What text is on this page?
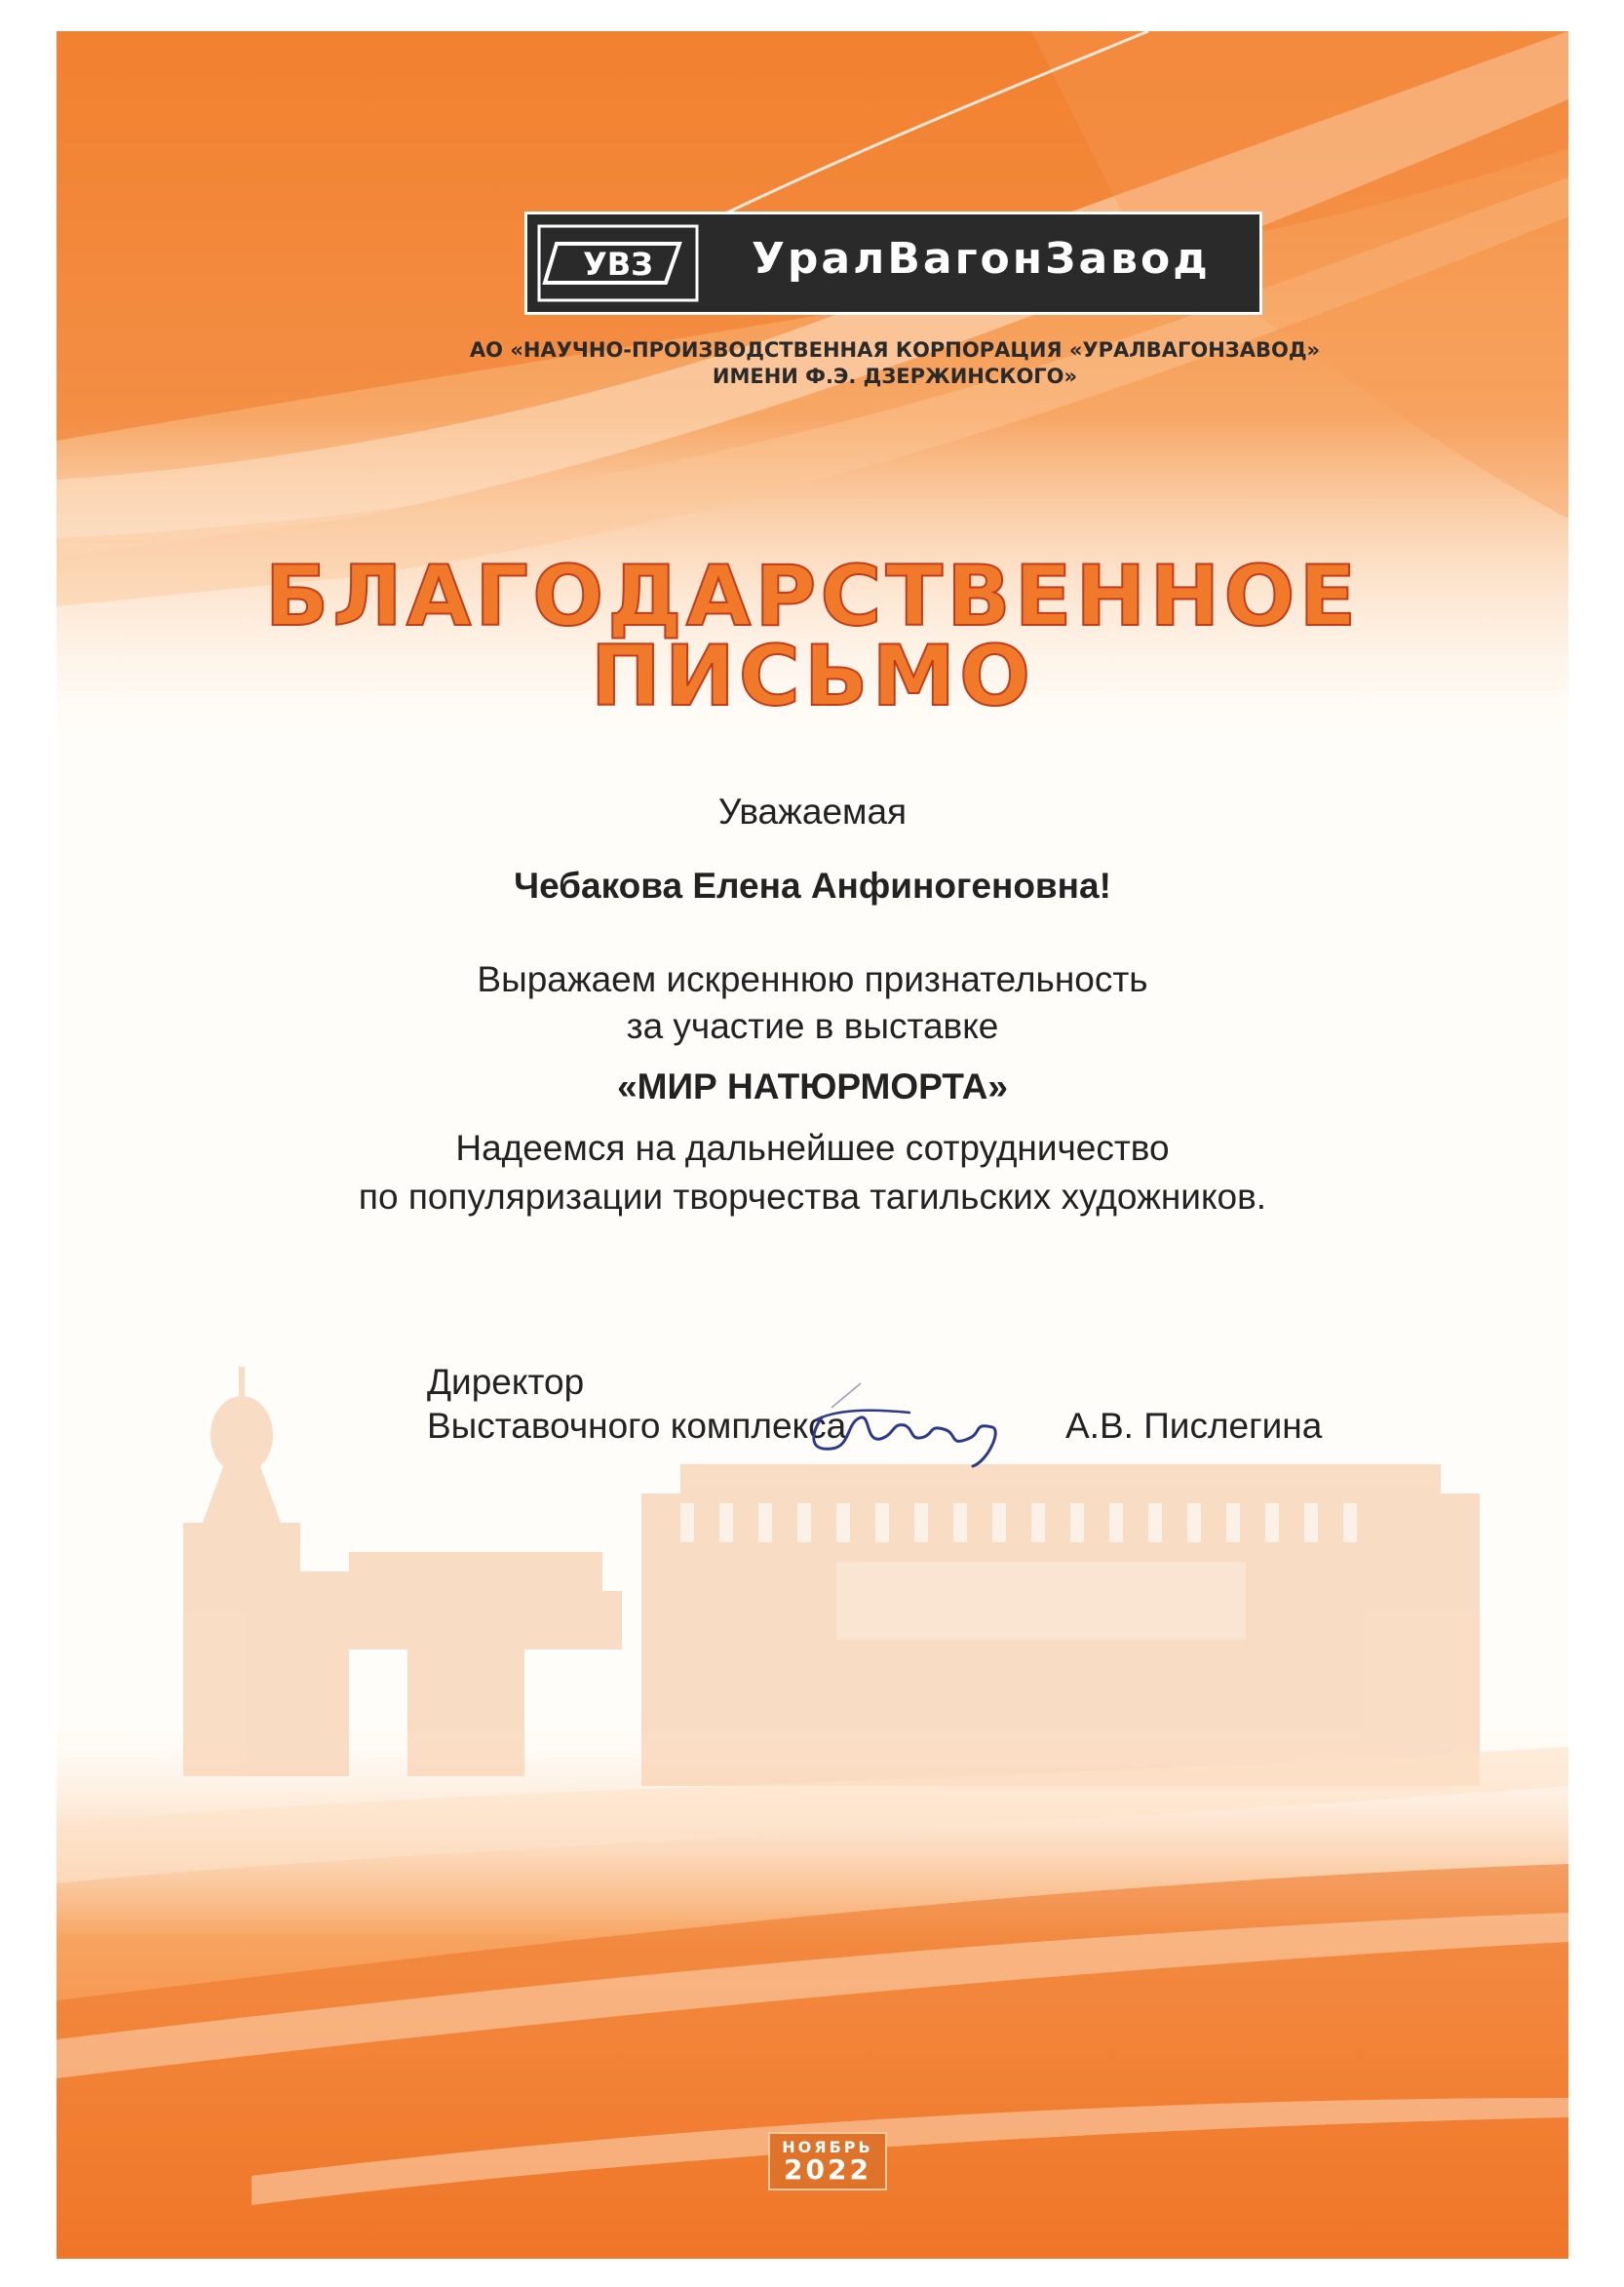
УВЗ УралВагонЗавод
АО «НАУЧНО-ПРОИЗВОДСТВЕННАЯ КОРПОРАЦИЯ «УРАЛВАГОНЗАВОД»
ИМЕНИ Ф.Э. ДЗЕРЖИНСКОГО»
БЛАГОДАРСТВЕННОЕ
ПИСЬМО
Уважаемая
Чебакова Елена Анфиногеновна!
Выражаем искреннюю признательность
за участие в выставке
«МИР НАТЮРМОРТА»
Надеемся на дальнейшее сотрудничество
по популяризации творчества тагильских художников.
Директор
Выставочного комплекса	А.В. Пислегина
НОЯБРЬ
2022
